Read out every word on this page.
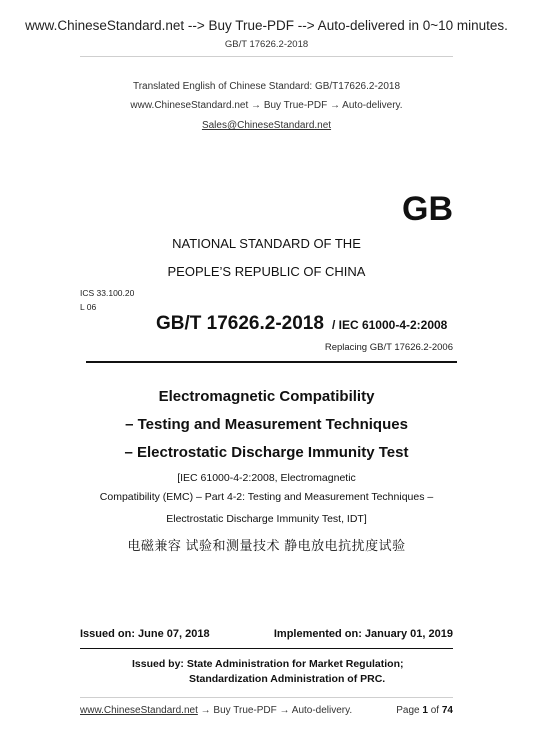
www.ChineseStandard.net --> Buy True-PDF --> Auto-delivered in 0~10 minutes.
GB/T 17626.2-2018
Translated English of Chinese Standard: GB/T17626.2-2018
www.ChineseStandard.net → Buy True-PDF → Auto-delivery.
Sales@ChineseStandard.net
GB
NATIONAL STANDARD OF THE
PEOPLE’S REPUBLIC OF CHINA
ICS 33.100.20
L 06
GB/T 17626.2-2018 / IEC 61000-4-2:2008
Replacing GB/T 17626.2-2006
Electromagnetic Compatibility
– Testing and Measurement Techniques
– Electrostatic Discharge Immunity Test
[IEC 61000-4-2:2008, Electromagnetic
Compatibility (EMC) – Part 4-2: Testing and Measurement Techniques –
Electrostatic Discharge Immunity Test, IDT]
电磁兼容 试验和测量技术 静电放电抗扰度试验
Issued on: June 07, 2018	Implemented on: January 01, 2019
Issued by: State Administration for Market Regulation;
Standardization Administration of PRC.
www.ChineseStandard.net → Buy True-PDF → Auto-delivery.	Page 1 of 74
